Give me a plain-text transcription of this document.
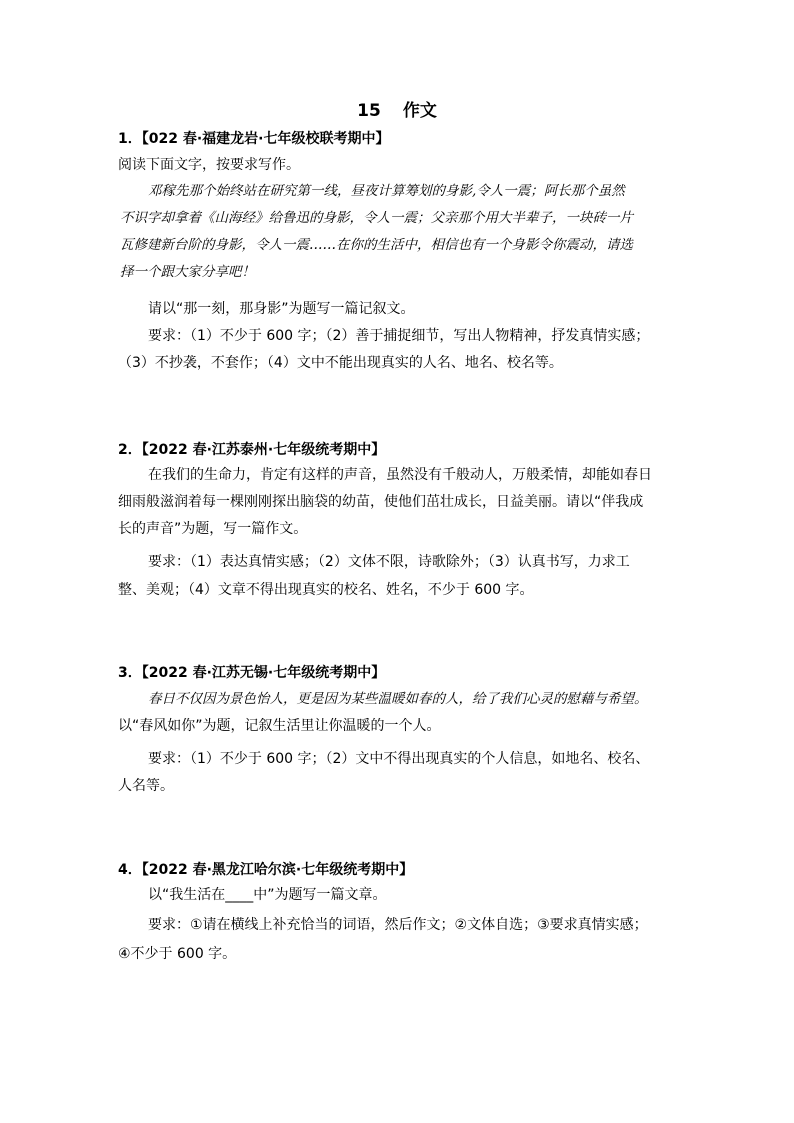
15 作文
1．【022 春·福建龙岩·七年级校联考期中】
阅读下面文字，按要求写作。
邓稼先那个始终站在研究第一线，昼夜计算筹划的身影,令人一震；阿长那个虽然
不识字却拿着《山海经》给鲁迅的身影，令人一震；父亲那个用大半辈子，一块砖一片
瓦修建新台阶的身影，令人一震……在你的生活中，相信也有一个身影令你震动，请选
择一个跟大家分享吧！
请以“那一刻，那身影”为题写一篇记叙文。
要求：（1）不少于 600 字；（2）善于捕捉细节，写出人物精神，抒发真情实感；
（3）不抄袭，不套作；（4）文中不能出现真实的人名、地名、校名等。
2．【2022 春·江苏泰州·七年级统考期中】
在我们的生命力，肯定有这样的声音，虽然没有千般动人，万般柔情，却能如春日
细雨般滋润着每一棵刚刚探出脑袋的幼苗，使他们茁壮成长，日益美丽。请以“伴我成
长的声音”为题，写一篇作文。
要求：（1）表达真情实感；（2）文体不限，诗歌除外；（3）认真书写，力求工
整、美观；（4）文章不得出现真实的校名、姓名，不少于 600 字。
3．【2022 春·江苏无锡·七年级统考期中】
春日不仅因为景色怡人，更是因为某些温暖如春的人，给了我们心灵的慰藉与希望。
以“春风如你”为题，记叙生活里让你温暖的一个人。
要求：（1）不少于 600 字；（2）文中不得出现真实的个人信息，如地名、校名、
人名等。
4．【2022 春·黑龙江哈尔滨·七年级统考期中】
以“我生活在____中”为题写一篇文章。
要求：①请在横线上补充恰当的词语，然后作文；②文体自选；③要求真情实感；
④不少于 600 字。
